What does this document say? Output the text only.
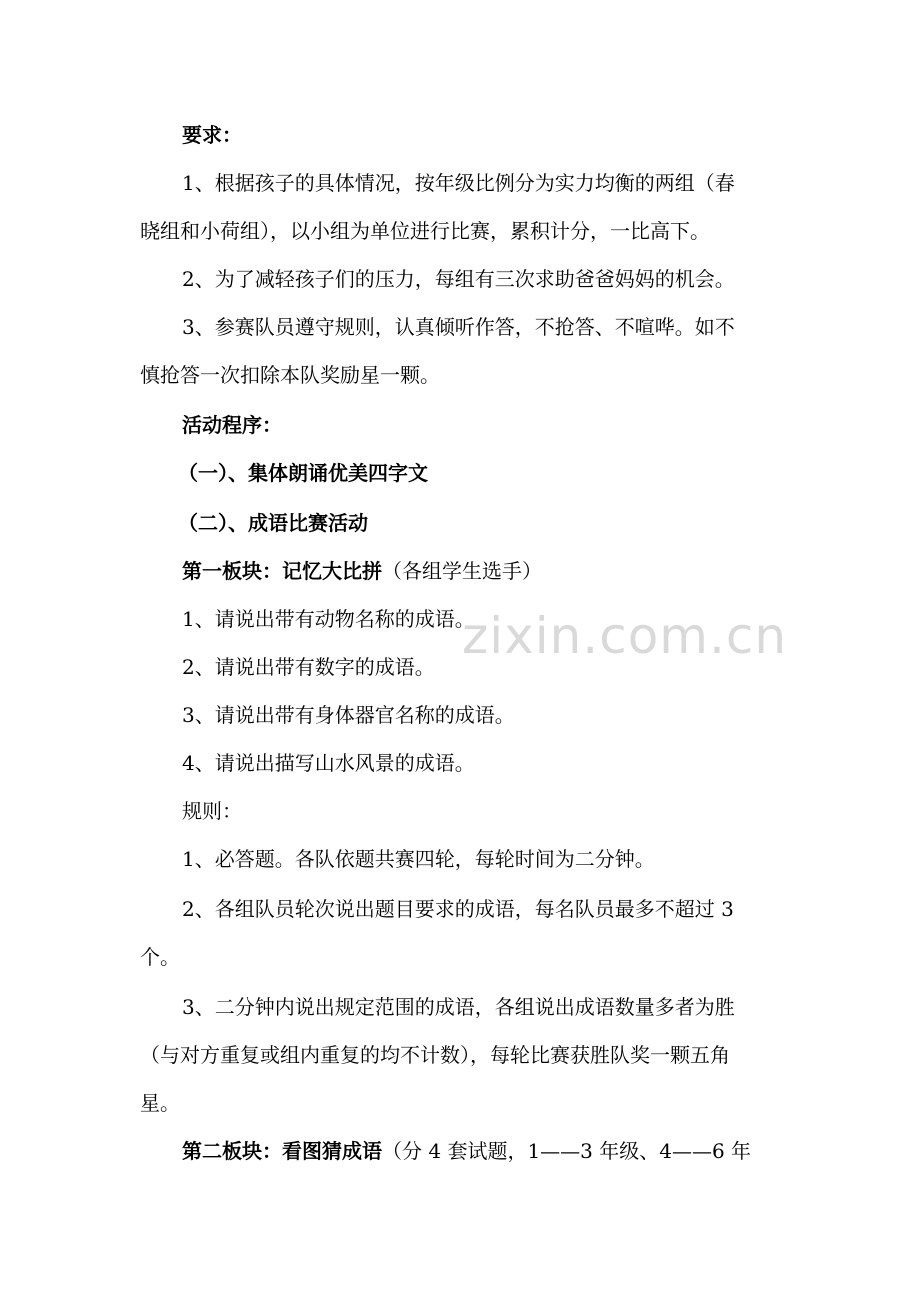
zixin.com.cn
要求：
1、根据孩子的具体情况，按年级比例分为实力均衡的两组（春
晓组和小荷组），以小组为单位进行比赛，累积计分，一比高下。
2、为了减轻孩子们的压力，每组有三次求助爸爸妈妈的机会。
3、参赛队员遵守规则，认真倾听作答，不抢答、不喧哗。如不
慎抢答一次扣除本队奖励星一颗。
活动程序：
（一）、集体朗诵优美四字文
（二）、成语比赛活动
第一板块：记忆大比拼（各组学生选手）
1、请说出带有动物名称的成语。
2、请说出带有数字的成语。
3、请说出带有身体器官名称的成语。
4、请说出描写山水风景的成语。
规则：
1、必答题。各队依题共赛四轮，每轮时间为二分钟。
2、各组队员轮次说出题目要求的成语，每名队员最多不超过 3
个。
3、二分钟内说出规定范围的成语，各组说出成语数量多者为胜
（与对方重复或组内重复的均不计数），每轮比赛获胜队奖一颗五角
星。
第二板块：看图猜成语（分 4 套试题，1——3 年级、4——6 年
